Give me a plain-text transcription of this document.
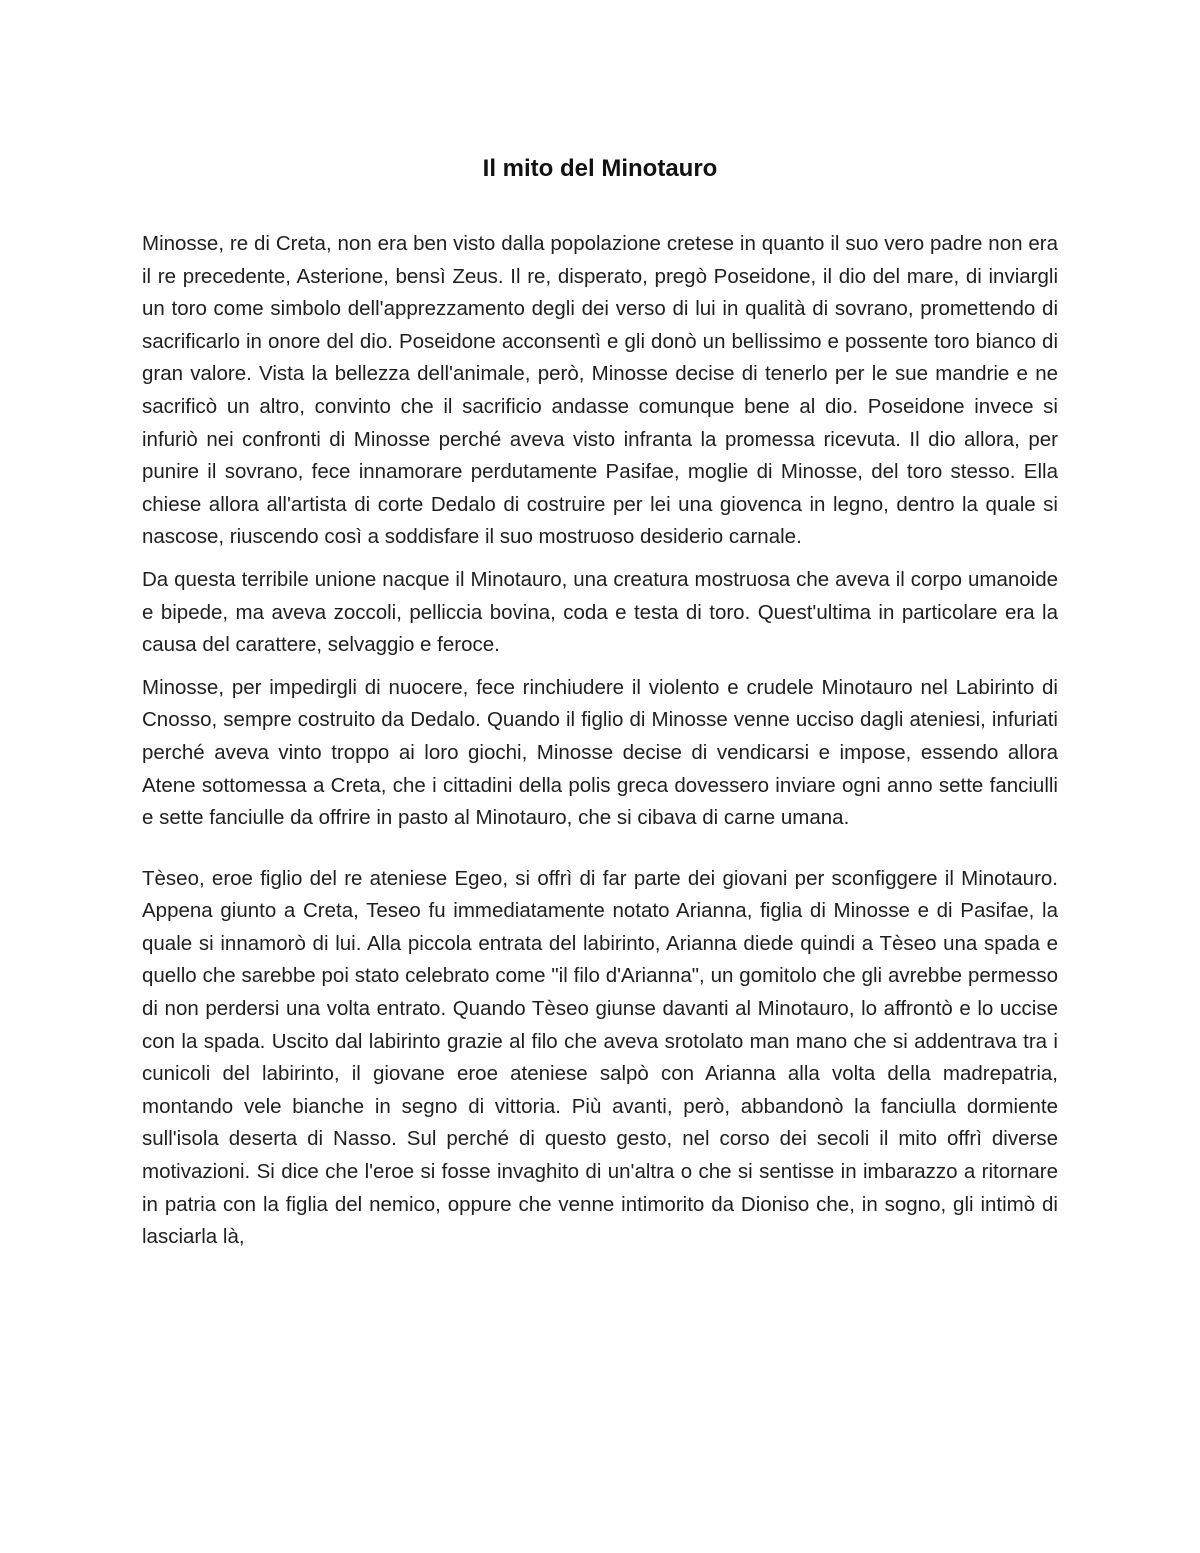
Il mito del Minotauro

Minosse, re di Creta, non era ben visto dalla popolazione cretese in quanto il suo vero padre non era il re precedente, Asterione, bensì Zeus. Il re, disperato, pregò Poseidone, il dio del mare, di inviargli un toro come simbolo dell'apprezzamento degli dei verso di lui in qualità di sovrano, promettendo di sacrificarlo in onore del dio. Poseidone acconsentì e gli donò un bellissimo e possente toro bianco di gran valore. Vista la bellezza dell'animale, però, Minosse decise di tenerlo per le sue mandrie e ne sacrificò un altro, convinto che il sacrificio andasse comunque bene al dio. Poseidone invece si infuriò nei confronti di Minosse perché aveva visto infranta la promessa ricevuta. Il dio allora, per punire il sovrano, fece innamorare perdutamente Pasifae, moglie di Minosse, del toro stesso. Ella chiese allora all'artista di corte Dedalo di costruire per lei una giovenca in legno, dentro la quale si nascose, riuscendo così a soddisfare il suo mostruoso desiderio carnale.

Da questa terribile unione nacque il Minotauro, una creatura mostruosa che aveva il corpo umanoide e bipede, ma aveva zoccoli, pelliccia bovina, coda e testa di toro. Quest'ultima in particolare era la causa del carattere, selvaggio e feroce.

Minosse, per impedirgli di nuocere, fece rinchiudere il violento e crudele Minotauro nel Labirinto di Cnosso, sempre costruito da Dedalo. Quando il figlio di Minosse venne ucciso dagli ateniesi, infuriati perché aveva vinto troppo ai loro giochi, Minosse decise di vendicarsi e impose, essendo allora Atene sottomessa a Creta, che i cittadini della polis greca dovessero inviare ogni anno sette fanciulli e sette fanciulle da offrire in pasto al Minotauro, che si cibava di carne umana.

Tèseo, eroe figlio del re ateniese Egeo, si offrì di far parte dei giovani per sconfiggere il Minotauro. Appena giunto a Creta, Teseo fu immediatamente notato Arianna, figlia di Minosse e di Pasifae, la quale si innamorò di lui. Alla piccola entrata del labirinto, Arianna diede quindi a Tèseo una spada e quello che sarebbe poi stato celebrato come "il filo d'Arianna", un gomitolo che gli avrebbe permesso di non perdersi una volta entrato. Quando Tèseo giunse davanti al Minotauro, lo affrontò e lo uccise con la spada. Uscito dal labirinto grazie al filo che aveva srotolato man mano che si addentrava tra i cunicoli del labirinto, il giovane eroe ateniese salpò con Arianna alla volta della madrepatria, montando vele bianche in segno di vittoria. Più avanti, però, abbandonò la fanciulla dormiente sull'isola deserta di Nasso. Sul perché di questo gesto, nel corso dei secoli il mito offrì diverse motivazioni. Si dice che l'eroe si fosse invaghito di un'altra o che si sentisse in imbarazzo a ritornare in patria con la figlia del nemico, oppure che venne intimorito da Dioniso che, in sogno, gli intimò di lasciarla là,
